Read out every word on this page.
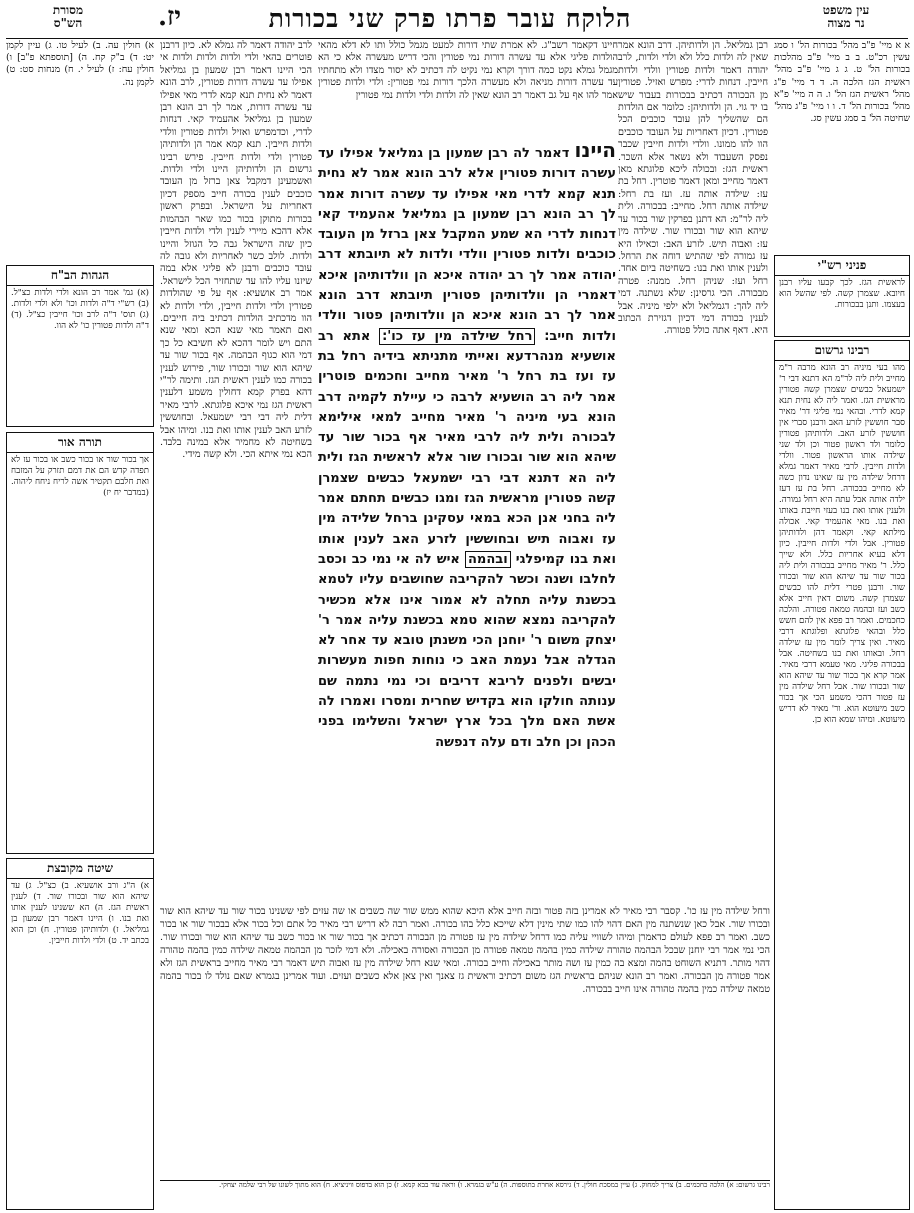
עין משפט
נר מצוה
הלוקח עובר פרתו פרק שני בכורות
יז.
מסורת
הש"ס
א א מיי' פ"ב מהל' בכורות הל' ו סמג עשין רכ"ט. ב ב מיי' פ"ב מהלכות בכורות הל' ט. ג ג מיי' פ"ב מהל' ראשית הגז הלכה ה. ד ד מיי' פ"ג מהל' ראשית הגז הל' ו. ה ה מיי' פ"א מהל' בכורות הל' ד. ו ו מיי' פ"ג מהל' שחיטה הל' ב סמג עשין סג.
פניני רש"י
לראשית הגז. לכך קבעו עליו רבנן חיובא. שצמרן קשה. לפי שהשל הוא בעצמו. ותנן בבכורות.
רבינו גרשום
מהו בעי מיניה רב הונא מרבה ר"מ מחייב ולית ליה לר"מ הא דתנא דבי ר' ישמעאל כבשים שצמרן קשה פטורין מראשית הגז. ואמר ליה לא נחית תנא קמא לדרי. ובהאי נמי פליגי דר' מאיר סבר חוששין לזרע האב ורבנן סברי אין חוששין לזרע האב. ולדותיהן פטורין כלומר ולד ראשון פטור וכן ולד שני שילדה אותו הראשון פטור. וולדי ולדות חייבין. לרבי מאיר דאמר גמלא דרחל שילדה מין עז שאינו נדון כשה לא מחייב בבכורה. רחל בת עז דעז ילדה אותה אבל עתה היא רחל גמורה. ולענין אותו ואת בנו בעזי חייבת באותו ואת בנו. מאי אהעמיד קאי. אכולה מילתא קאי. וקאמר דהן ולדותיהן פטורין. אבל ולדי ולדות חייבין. כיון דלא בעיא אחריות כלל. ולא שייך כלל. ר' מאיר מחייב בבכורה ולית ליה בכור שור עד שיהא הוא שור ובכורו שור. ורבנן פטרי דלית להו כבשים שצמרן קשה. משום דאין חייב אלא כשב ועז ובהמה טמאה פטורה. והלכה כחכמים. ואמר רב פפא אין להם חשש כלל ובהאי פלוגתא ופלוגתא דרבי מאיר. ואין צריך לומר מין עז שילדה רחל. ובאותו ואת בנו בשחיטה. אבל בבכורה פליגי. מאי טעמא דרבי מאיר. אמר קרא אך בכור שור עד שיהא הוא שור ובכורו שור. אבל רחל שילדה מין עז פטור דהכי משמע הכי אך בכור כשב מיעוטא הוא. ור' מאיר לא דריש מיעוטא. ומיהו שמא הוא כן.
רבן גמליאל. הן ולדותיהן. דרב הונא אמר שאין לה ולדות כלל ולא ולדי ולדות, לרב יהודה דאמר ולדות פטורין וולדי ולדות חייבין. דנחות לדרי: מפרש ואזיל. פטורין מן הבכורה דכתיב בבכורות בעבור שיש בו יד גוי. הן ולדותיהן: כלומר אם הולדות הם שהשליך להן עובד כוכבים הכל פטורין. דכיון דאחריות על העובד כוכבים הוו להו ממונו. וולדי ולדות חייבין שכבר נפסק השעבוד ולא נשאר אלא השכר. ראשית הגז: ובכולה ליכא פלוגתא מאן דאמר מחייב ומאן דאמר פוטרין. רחל בת עז: שילדה אותה עז. ועז בת רחל: שילדה אותה רחל. מחייב: בבכורה. ולית ליה לר"מ: הא דתנן בפרקין שור בכור עד שיהא הוא שור ובכורו שור. שילדה מין עז: ואבוה תיש. לזרע האב: וכאילו היא עז גמורה לפי שהתיש דוחה את הרחל. ולענין אותו ואת בנו: בשחיטה ביום אחד. רחל ועז: שניהן רחל. ממנה: פטרה מבכורה. הכי גרסינן: שלא נשתנה. דמי ליה להך: דגמליאל ולא ילפי מיניה. אבל לענין בכורה דמי דכיון דגזירת הכתוב היא. דאף אתה כולל פטורה.
חיינו דקאמר רשב"ג. לא אמרת שתי דורות למעט מגמל כולל ותו לא דלא מהאי הולדות פליגי אלא עד עשרה דורות נמי פטורין והכי דריש מעשרה אלא כי הא מגמל גמלא נקט כמה דורך וקרא נמי נקיט לה דכתיב לא יסור מצדו ולא מתחתיו עד עשרה דורות מניאה ולא מעשרה הלכך דורות נמי פטורין: ולדי ולדות פטורין אמר להו אף על גב דאמר רב הונא שאין לה ולדות ולדי ולדות נמי פטורין
היינו דאמר לה רבן שמעון בן גמליאל אפילו עד עשרה דורות פטורין אלא לרב הונא אמר לא נחית תנא קמא לדרי מאי אפילו עד עשרה דורות אמר לך רב הונא רבן שמעון בן גמליאל אהעמיד קאי דנחות לדרי הא שמע המקבל צאן ברזל מן העובד כוכבים ולדות פטורין וולדי ולדות לא תיובתא דרב יהודה אמר לך רב יהודה איכא הן וולדותיהן איכא דאמרי הן וולדותיהן פטורין תיובתא דרב הונא אמר לך רב הונא איכא הן וולדותיהן פטור וולדי ולדות חייב: רחל שילדה מין עז כו': אתא רב אושעיא מנהרדעא ואייתי מתניתא בידיה רחל בת עז ועז בת רחל ר' מאיר מחייב וחכמים פוטרין אמר ליה רב הושעיא לרבה כי עיילת לקמיה דרב הונא בעי מיניה ר' מאיר מחייב למאי אילימא לבכורה ולית ליה לרבי מאיר אף בכור שור עד שיהא הוא שור ובכורו שור אלא לראשית הגז ולית ליה הא דתנא דבי רבי ישמעאל כבשים שצמרן קשה פטורין מראשית הגז ומגו כבשים תחתם אמר ליה בחני אנן הכא במאי עסקינן ברחל שלידה מין עז ואבוה תיש ובחוששין לזרע האב לענין אותו ואת בנו קמיפלגי ובהמה איש לה אי נמי כב וכסב לחלבו ושנה וכשר להקריבה שחושבים עליו לטמא בכשנת עליה תחלה לא אמור אינו אלא מכשיר להקריבה נמצא שהוא טמא בכשנת עליה אמר ר' יצחק משום ר' יוחנן הכי משנתן טובא עד אחר לא הגדלה אבל נעמת האב כי נוחות חפות מעשרות יבשים ולפנים לריבא דריבים וכי נמי נתמה שם ענותה חולקו הוא בקדיש שחרית ומסרו ואמרו לה אשת האם מלך בכל ארץ ישראל והשלימו בפני הכהן וכן חלב ודם עלה דנפשה
לרב יהודה דאמר לה גמלא לא. כיון דרבנן פוטרים בהאי ולדי ולדות ולדות ולדות אי הכי היינו דאמר רבן שמעון בן גמליאל אפילו עד עשרה דורות פטורין, לרב הונא דאמר לא נחית תנא קמא לדרי מאי אפילו עד עשרה דורות, אמר לך רב הונא רבן שמעון בן גמליאל אהעמיד קאי. דנחות לדרי, וכדמפרש ואזיל ולדות פטורין וולדי ולדות חייבין. תנא קמא אמר הן ולדותיהן פטורין ולדי ולדות חייבין. פירש רבינו גרשום הן ולדותיהן היינו ולדי ולדות. ואשמעינן דמקבל צאן ברזל מן העובד כוכבים לענין בכורה חייב מספק דכיון דאחריות על הישראל. ובפרק ראשון בכורות מתוקן בכור כמו שאר הבהמות אלא דהכא מיירי לענין ולדי ולדות חייבין כיון שזה הישראל גבה כל הגוזל והיינו ולדות. לולב כשר לאחריות ולא גובה לה עובד כוכבים ורבנן לא פליגי אלא במה שיזנו עליו להו עד שתחזיר הכל לישראל. אמר רב אושעיא: אף על פי שהולדות פטורין ולדי ולדות חייבין, ולדי ולדות לא הוו מדכתיב הולדות דכתיב ביה חייבים. ואם תאמר מאי שנא הכא ומאי שנא התם ויש לומר דהכא לא חשיבא כל כך דמי הוא כגוף הבהמה. אף בכור שור עד שיהא הוא שור ובכורו שור, פירוש לענין בכורה כמו לענין ראשית הגז. ותימה לר"י דהא בפרק קמא דחולין משמע דלענין ראשית הגז נמי איכא פלוגתא. לרבי מאיר דלית ליה דבי רבי ישמעאל. ובחוששין לזרע האב לענין אותו ואת בנו. ומיהו אבל בשחיטה לא מחמיר אלא במינה בלבד. הכא נמי איתא הכי. ולא קשה מידי.
ורחל שילדה מין עז כו'. קסבר רבי מאיר לא אמרינן בזה פטור ובזה חייב אלא היכא שהוא ממש שור שה כשבים או שה עזים לפי ששנינו בכור שור עד שיהא הוא שור ובכורו שור. אבל כאן שנשתנה מין האם דהוי להו כמו שתי מינין דלא שייכא כלל בהו בכורה. ואמר רבה לא דריש רבי מאיר כל אתם וכל בכור אלא בבכור שור או בכור כשב. ואמר רב פפא לעולם כדאמרן ומיהו לשוויי עליה כמו דרחל שילדה מין עז פטורה מן הבכורה דכתיב אך בכור שור או בכור כשב עד שיהא הוא שור ובכורו שור. הכי נמי אמר רבי יוחנן שבכל הבהמה טהורה שילדה כמין בהמה טמאה פטורה מן הבכורה ואסורה באכילה. ולא דמי לזכר מן הבהמה טמאה שילדה כמין בהמה טהורה דהוי מותר. דתניא השוחט בהמה ומצא בה כמין עז ושה מותר באכילה וחייב בכורה. ומאי שנא רחל שילדה מין עז ואבוה תיש דאמר רבי מאיר מחייב בראשית הגז ולא אמר פטורה מן הבכורה. ואמר רב הונא שניהם בראשית הגז משום דכתיב וראשית גז צאנך ואין צאן אלא כשבים ועזים. ועוד אמרינן בגמרא שאם נולד לו בכור בהמה טמאה שילדה כמין בהמה טהורה אינו חייב בבכורה.
רבינו גרשום: א) הלכה כחכמים. ב) צריך למחוק. ג) עיין במסכת חולין. ד) גירסא אחרת בתוספות. ה) ע"ש בגמרא. ו) וראה עוד בבא קמא. ז) כן הוא בדפוס וויניציא. ח) הוא מתוך לשונו של רבי שלמה יצחקי.
א) חולין עה. ב) לעיל טו. ג) עיין לקמן יט: ד) ב"ק קח. ה) [תוספתא פ"ב] ו) חולין עח: ז) לעיל י. ח) מנחות סט: ט) לקמן נה.
הגהות הב"ח
(א) גמ' אמר רב הונא ולדי ולדות כצ"ל. (ב) רש"י ד"ה ולדות וכו' ולא ולדי ולדות. (ג) תוס' ד"ה לרב וכו' חייבין כצ"ל. (ד) ד"ה ולדות פטורין כו' לא הוו.
תורה אור
אך בכור שור או בכור כשב או בכור עז לא תפדה קדש הם את דמם תזרק על המזבח ואת חלבם תקטיר אשה לריח ניחח ליהוה. (במדבר יח יז)
שיטה מקובצת
א) ה"ג ורב אושעיא. ב) כצ"ל. ג) עד שיהא הוא שור ובכורו שור. ד) לענין ראשית הגז. ה) הא ששנינו לענין אותו ואת בנו. ו) היינו דאמר רבן שמעון בן גמליאל. ז) ולדותיהן פטורין. ח) וכן הוא בכתב יד. ט) ולדי ולדות חייבין.
